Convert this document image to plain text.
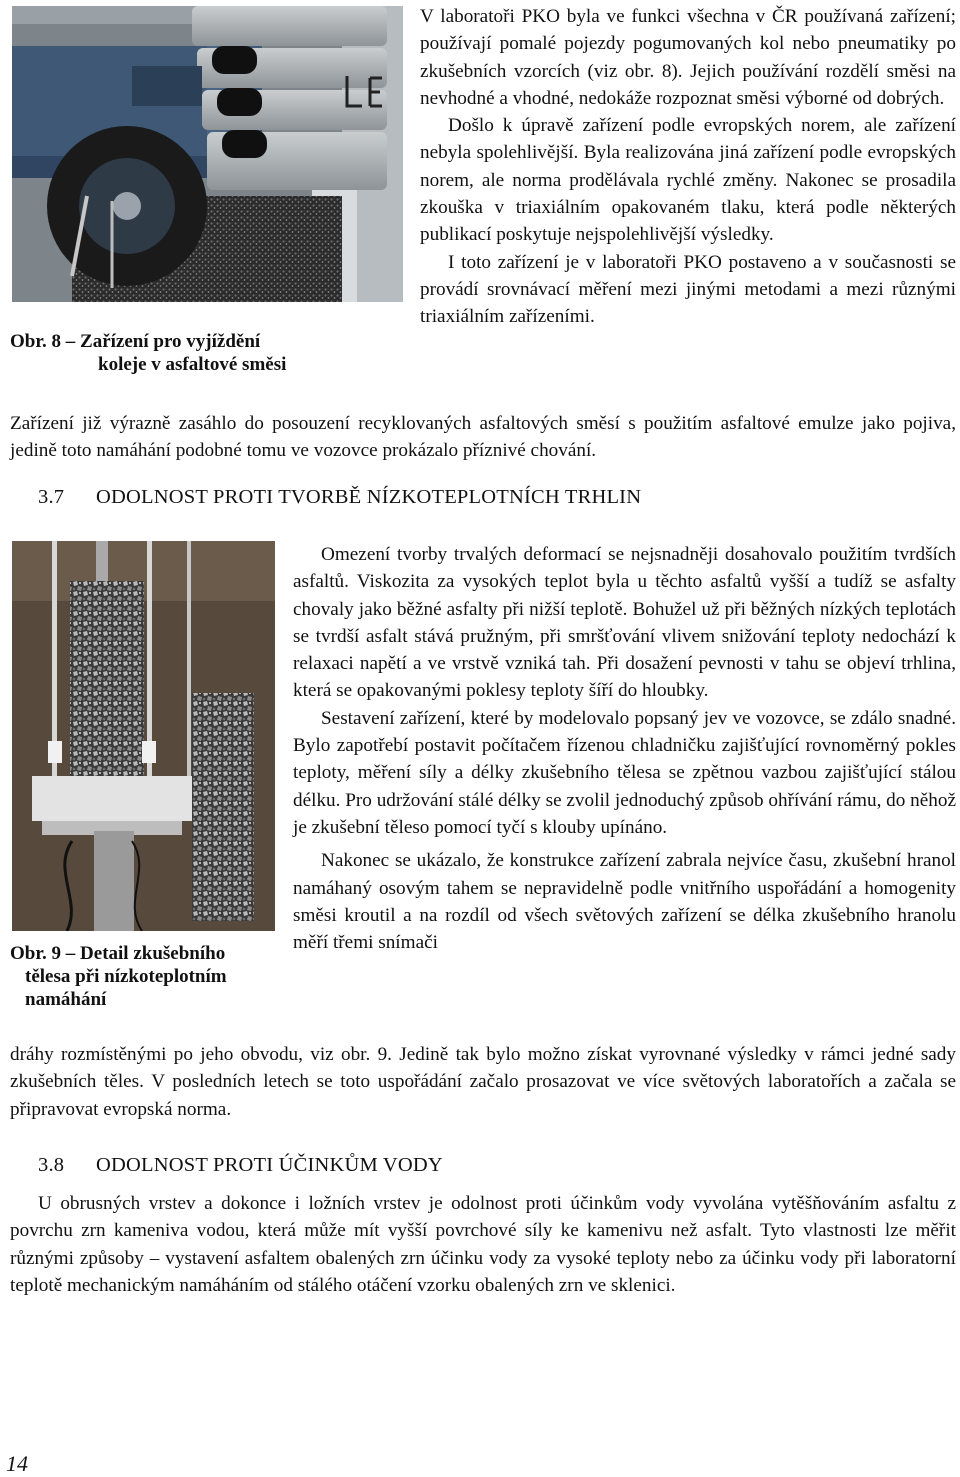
Obr. 8 – Zařízení pro vyjíždění
koleje v asfaltové směsi

V laboratoři PKO byla ve funkci všechna v ČR používaná zařízení; používají pomalé pojezdy pogumovaných kol nebo pneumatiky po zkušebních vzorcích (viz obr. 8). Jejich používání rozdělí směsi na nevhodné a vhodné, nedokáže rozpoznat směsi výborné od dobrých.

Došlo k úpravě zařízení podle evropských norem, ale zařízení nebyla spolehlivější. Byla realizována jiná zařízení podle evropských norem, ale norma prodělávala rychlé změny. Nakonec se prosadila zkouška v triaxiálním opakovaném tlaku, která podle některých publikací poskytuje nejspolehlivější výsledky.

I toto zařízení je v laboratoři PKO postaveno a v současnosti se provádí srovnávací měření mezi jinými metodami a mezi různými triaxiálním zařízeními.

Zařízení již výrazně zasáhlo do posouzení recyklovaných asfaltových směsí s použitím asfaltové emulze jako pojiva, jedině toto namáhání podobné tomu ve vozovce prokázalo příznivé chování.

3.7 ODOLNOST PROTI TVORBĚ NÍZKOTEPLOTNÍCH TRHLIN
Obr. 9 – Detail zkušebního
tělesa při nízkoteplotním
namáhání

Omezení tvorby trvalých deformací se nejsnadněji dosahovalo použitím tvrdších asfaltů. Viskozita za vysokých teplot byla u těchto asfaltů vyšší a tudíž se asfalty chovaly jako běžné asfalty při nižší teplotě. Bohužel už při běžných nízkých teplotách se tvrdší asfalt stává pružným, při smršťování vlivem snižování teploty nedochází k relaxaci napětí a ve vrstvě vzniká tah. Při dosažení pevnosti v tahu se objeví trhlina, která se opakovanými poklesy teploty šíří do hloubky.

Sestavení zařízení, které by modelovalo popsaný jev ve vozovce, se zdálo snadné. Bylo zapotřebí postavit počítačem řízenou chladničku zajišťující rovnoměrný pokles teploty, měření síly a délky zkušebního tělesa se zpětnou vazbou zajišťující stálou délku. Pro udržování stálé délky se zvolil jednoduchý způsob ohřívání rámu, do něhož je zkušební těleso pomocí tyčí s klouby upínáno.

Nakonec se ukázalo, že konstrukce zařízení zabrala nejvíce času, zkušební hranol namáhaný osovým tahem se nepravidelně podle vnitřního uspořádání a homogenity směsi kroutil a na rozdíl od všech světových zařízení se délka zkušebního hranolu měří třemi snímači

dráhy rozmístěnými po jeho obvodu, viz obr. 9. Jedině tak bylo možno získat vyrovnané výsledky v rámci jedné sady zkušebních těles. V posledních letech se toto uspořádání začalo prosazovat ve více světových laboratořích a začala se připravovat evropská norma.

3.8 ODOLNOST PROTI ÚČINKŮM VODY

U obrusných vrstev a dokonce i ložních vrstev je odolnost proti účinkům vody vyvolána vytěšňováním asfaltu z povrchu zrn kameniva vodou, která může mít vyšší povrchové síly ke kamenivu než asfalt. Tyto vlastnosti lze měřit různými způsoby – vystavení asfaltem obalených zrn účinku vody za vysoké teploty nebo za účinku vody při laboratorní teplotě mechanickým namáháním od stálého otáčení vzorku obalených zrn ve sklenici.

14
